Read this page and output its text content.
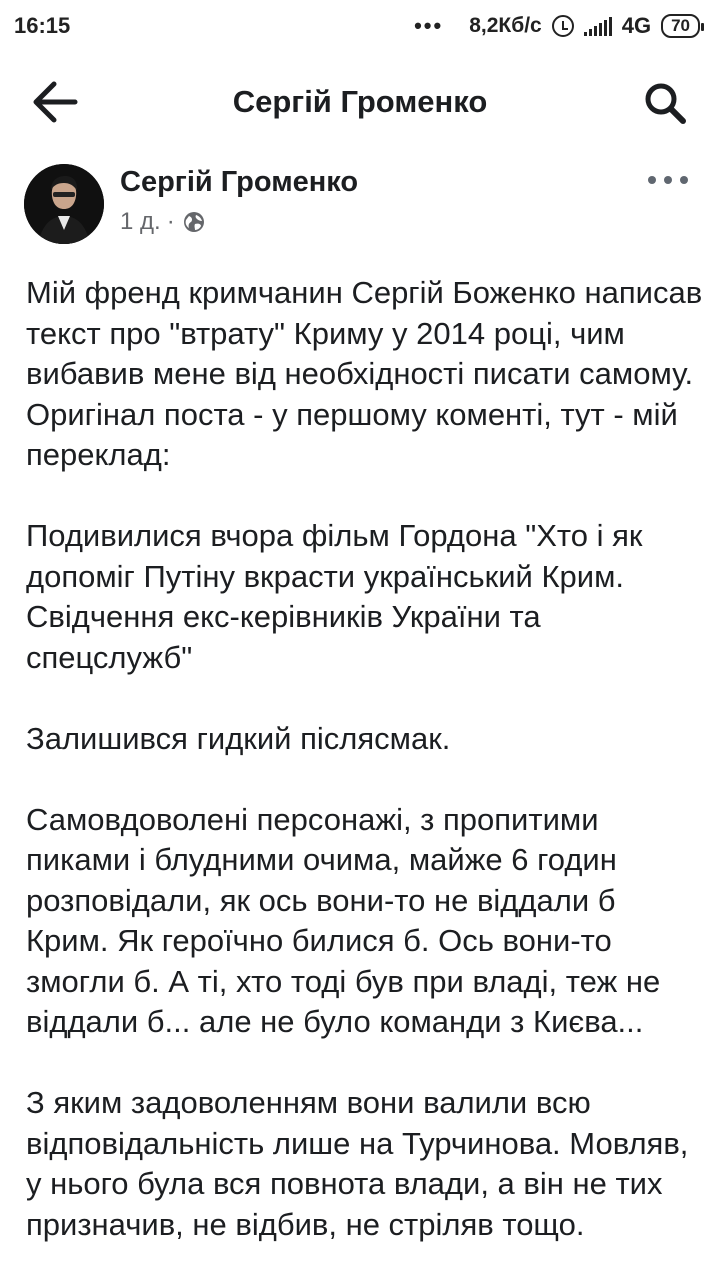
16:15	••• 8,2Кб/с	4G	70
Сергій Громенко
Сергій Громенко
1 д. ·

Мій френд кримчанин Сергій Боженко написав текст про "втрату" Криму у 2014 році, чим вибавив мене від необхідності писати самому. Оригінал поста - у першому коменті, тут - мій переклад:

Подивилися вчора фільм Гордона "Хто і як допоміг Путіну вкрасти український Крим. Свідчення екс-керівників України та спецслужб"

Залишився гидкий післясмак.

Самовдоволені персонажі, з пропитими пиками і блудними очима, майже 6 годин розповідали, як ось вони-то не віддали б Крим. Як героїчно билися б. Ось вони-то змогли б. А ті, хто тоді був при владі, теж не віддали б... але не було команди з Києва...

З яким задоволенням вони валили всю відповідальність лише на Турчинова. Мовляв, у нього була вся повнота влади, а він не тих призначив, не відбив, не стріляв тощо.
